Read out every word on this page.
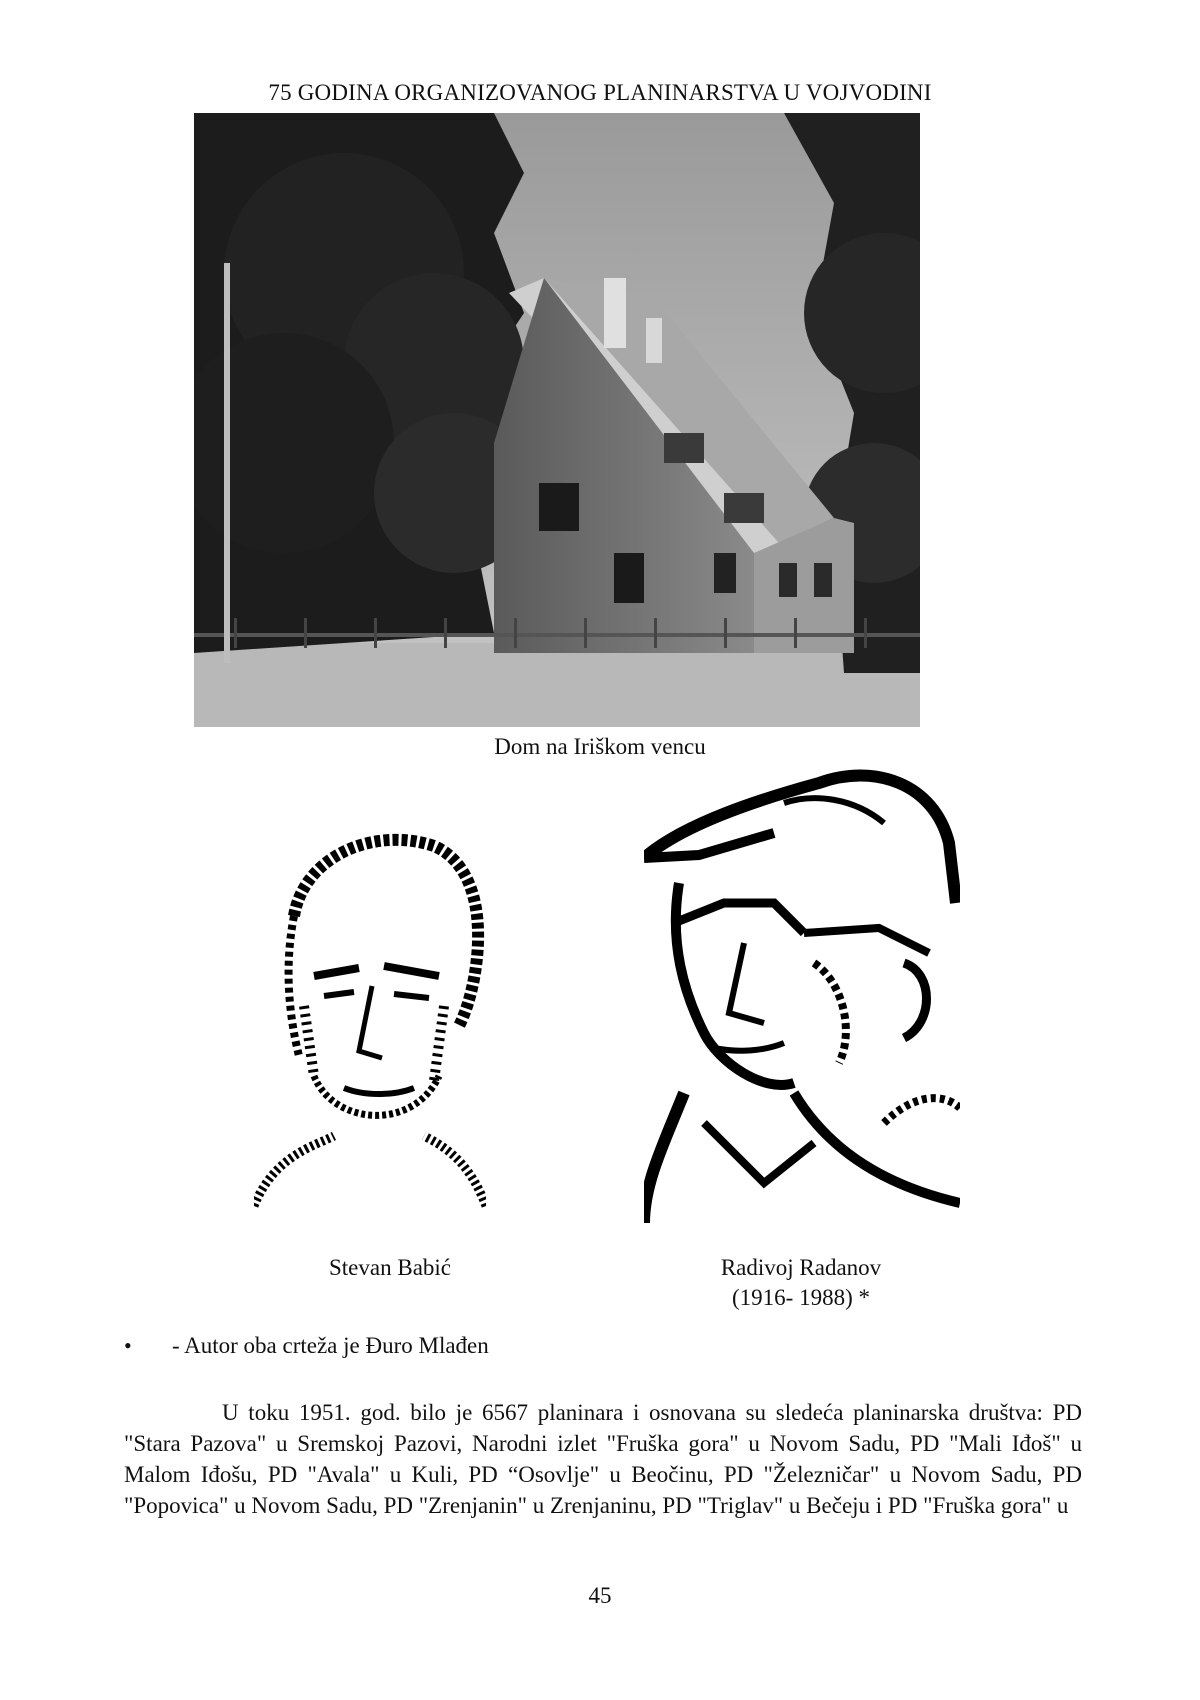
75 GODINA ORGANIZOVANOG PLANINARSTVA U VOJVODINI
Dom na Iriškom vencu
Stevan Babić	Radivoj Radanov
(1916- 1988) *
• - Autor oba crteža je Đuro Mlađen

U toku 1951. god. bilo je 6567 planinara i osnovana su sledeća planinarska društva: PD "Stara Pazova" u Sremskoj Pazovi, Narodni izlet "Fruška gora" u Novom Sadu, PD "Mali Iđoš" u Malom Iđošu, PD "Avala" u Kuli, PD “Osovlje" u Beočinu, PD "Železničar" u Novom Sadu, PD "Popovica" u Novom Sadu, PD "Zrenjanin" u Zrenjaninu, PD "Triglav" u Bečeju i PD "Fruška gora" u

45
